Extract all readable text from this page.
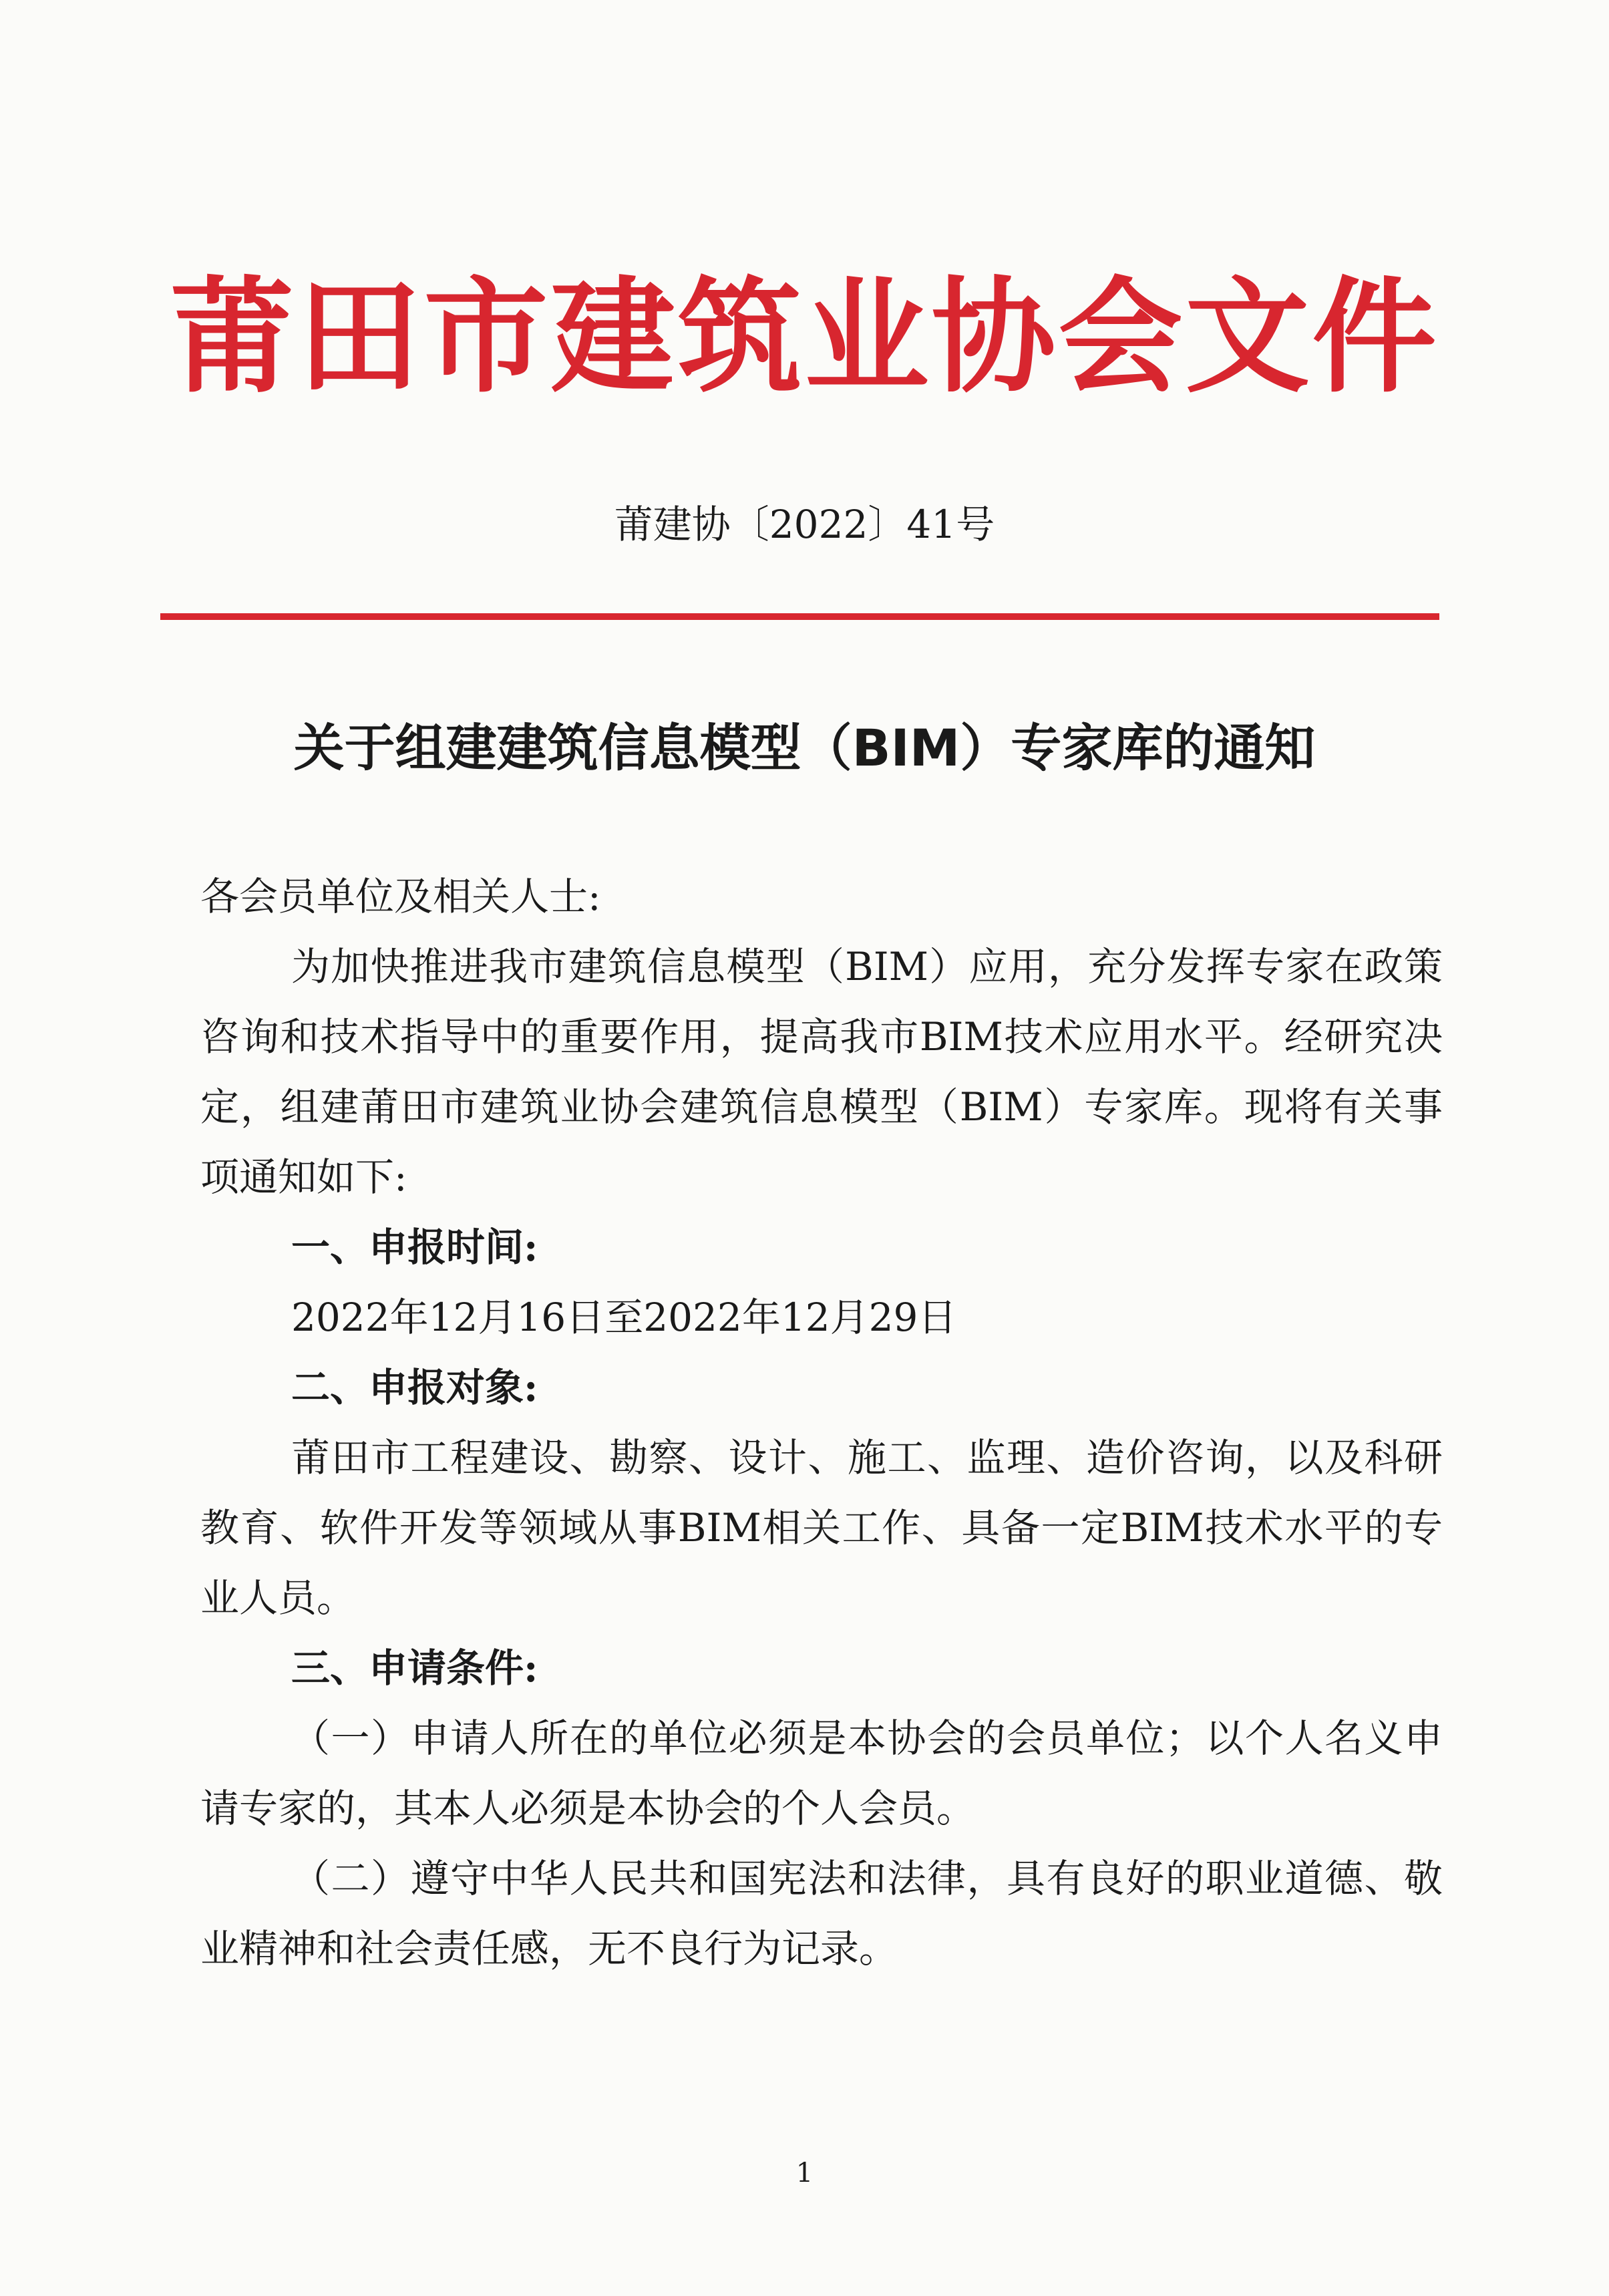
莆田市建筑业协会文件
莆建协〔2022〕41号
关于组建建筑信息模型（BIM）专家库的通知

各会员单位及相关人士:

为加快推进我市建筑信息模型（BIM）应用，充分发挥专家在政策咨询和技术指导中的重要作用，提高我市BIM技术应用水平。经研究决定，组建莆田市建筑业协会建筑信息模型（BIM）专家库。现将有关事项通知如下:

一、申报时间:

2022年12月16日至2022年12月29日

二、申报对象:

莆田市工程建设、勘察、设计、施工、监理、造价咨询，以及科研教育、软件开发等领域从事BIM相关工作、具备一定BIM技术水平的专业人员。

三、申请条件:

（一）申请人所在的单位必须是本协会的会员单位；以个人名义申请专家的，其本人必须是本协会的个人会员。

（二）遵守中华人民共和国宪法和法律，具有良好的职业道德、敬业精神和社会责任感，无不良行为记录。

1
